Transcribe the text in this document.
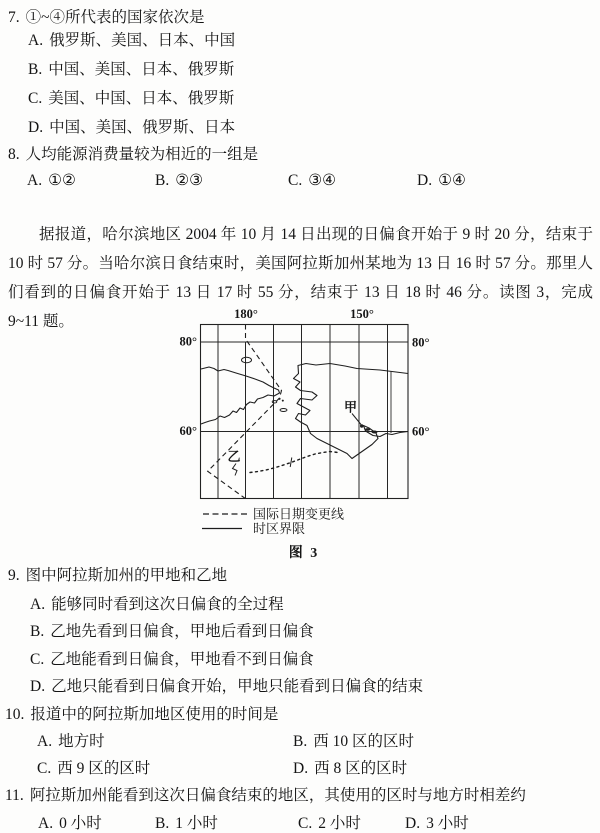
7. ①~④所代表的国家依次是
A. 俄罗斯、美国、日本、中国
B. 中国、美国、日本、俄罗斯
C. 美国、中国、日本、俄罗斯
D. 中国、美国、俄罗斯、日本
8. 人均能源消费量较为相近的一组是
A. ①②	B. ②③	C. ③④	D. ①④
据报道，哈尔滨地区 2004 年 10 月 14 日出现的日偏食开始于 9 时 20 分，结束于 10 时 57 分。当哈尔滨日食结束时，美国阿拉斯加州某地为 13 日 16 时 57 分。那里人们看到的日偏食开始于 13 日 17 时 55 分，结束于 13 日 18 时 46 分。读图 3，完成 9~11 题。
甲
乙
180°	150°
80°	80°
60°	60°
国际日期变更线
时区界限
图 3
9. 图中阿拉斯加州的甲地和乙地
A. 能够同时看到这次日偏食的全过程
B. 乙地先看到日偏食，甲地后看到日偏食
C. 乙地能看到日偏食，甲地看不到日偏食
D. 乙地只能看到日偏食开始，甲地只能看到日偏食的结束
10. 报道中的阿拉斯加地区使用的时间是
A. 地方时	B. 西 10 区的区时
C. 西 9 区的区时	D. 西 8 区的区时
11. 阿拉斯加州能看到这次日偏食结束的地区，其使用的区时与地方时相差约
A. 0 小时	B. 1 小时	C. 2 小时	D. 3 小时
